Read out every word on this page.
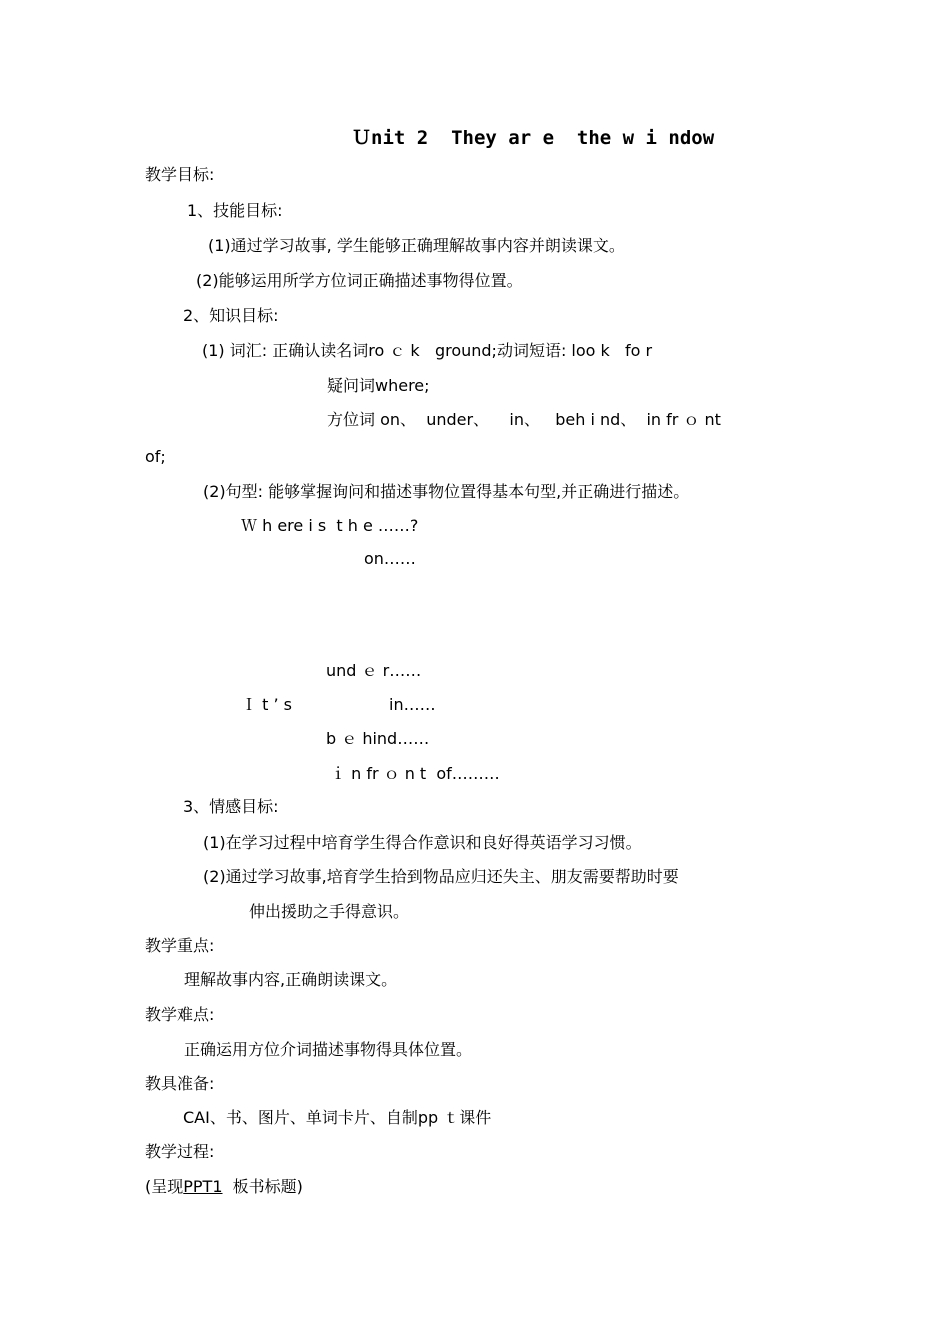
Ｕnit 2  They ar e  the w i ndow

教学目标:

1、技能目标:

(1)通过学习故事, 学生能够正确理解故事内容并朗读课文。

(2)能够运用所学方位词正确描述事物得位置。

2、知识目标:

(1) 词汇: 正确认读名词ro ｃ k   ground;动词短语: loo k   fo r

疑问词where;

方位词 on、  under、    in、   beh i nd、  in fr ｏ nt

of;

(2)句型: 能够掌握询问和描述事物位置得基本句型,并正确进行描述。

Ｗ h ere i s  t h e ……?

on……

und ｅ r……

Ｉ t ’ s	in……

b ｅ hind……

ｉ n fr ｏ n t  of………

3、情感目标:

(1)在学习过程中培育学生得合作意识和良好得英语学习习惯。

(2)通过学习故事,培育学生拾到物品应归还失主、朋友需要帮助时要

伸出援助之手得意识。

教学重点:

理解故事内容,正确朗读课文。

教学难点:

正确运用方位介词描述事物得具体位置。

教具准备:

CAI、书、图片、单词卡片、自制pp ｔ课件

教学过程:

(呈现PPT1  板书标题)
